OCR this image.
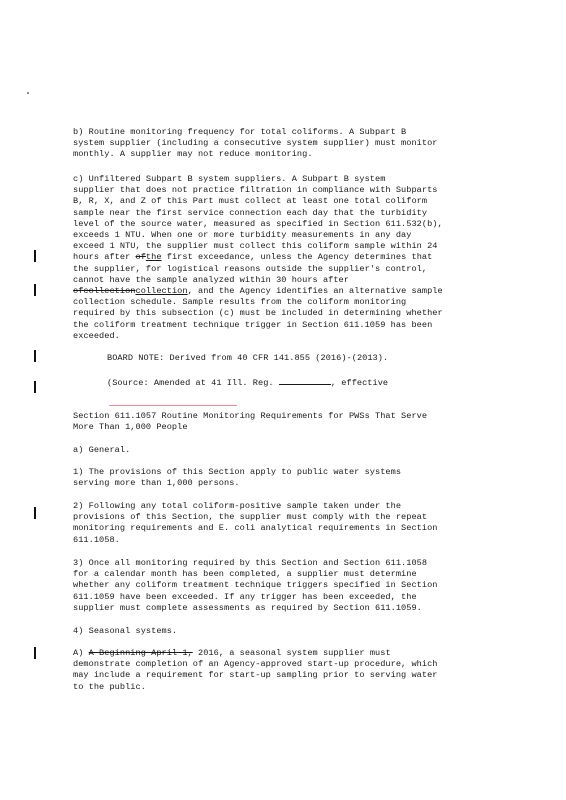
b) Routine monitoring frequency for total coliforms. A Subpart B
system supplier (including a consecutive system supplier) must monitor
monthly. A supplier may not reduce monitoring.
c) Unfiltered Subpart B system suppliers. A Subpart B system
supplier that does not practice filtration in compliance with Subparts
B, R, X, and Z of this Part must collect at least one total coliform
sample near the first service connection each day that the turbidity
level of the source water, measured as specified in Section 611.532(b),
exceeds 1 NTU. When one or more turbidity measurements in any day
exceed 1 NTU, the supplier must collect this coliform sample within 24
hours after ofthe first exceedance, unless the Agency determines that
the supplier, for logistical reasons outside the supplier's control,
cannot have the sample analyzed within 30 hours after
ofcollectioncollection, and the Agency identifies an alternative sample
collection schedule. Sample results from the coliform monitoring
required by this subsection (c) must be included in determining whether
the coliform treatment technique trigger in Section 611.1059 has been
exceeded.
BOARD NOTE: Derived from 40 CFR 141.855 (2016)-(2013).
(Source: Amended at 41 Ill. Reg.	, effective
Section 611.1057 Routine Monitoring Requirements for PWSs That Serve
More Than 1,000 People
a) General.
1) The provisions of this Section apply to public water systems
serving more than 1,000 persons.
2) Following any total coliform-positive sample taken under the
provisions of this Section, the supplier must comply with the repeat
monitoring requirements and E. coli analytical requirements in Section
611.1058.
3) Once all monitoring required by this Section and Section 611.1058
for a calendar month has been completed, a supplier must determine
whether any coliform treatment technique triggers specified in Section
611.1059 have been exceeded. If any trigger has been exceeded, the
supplier must complete assessments as required by Section 611.1059.
4) Seasonal systems.
A) A Beginning April 1, 2016, a seasonal system supplier must
demonstrate completion of an Agency-approved start-up procedure, which
may include a requirement for start-up sampling prior to serving water
to the public.
